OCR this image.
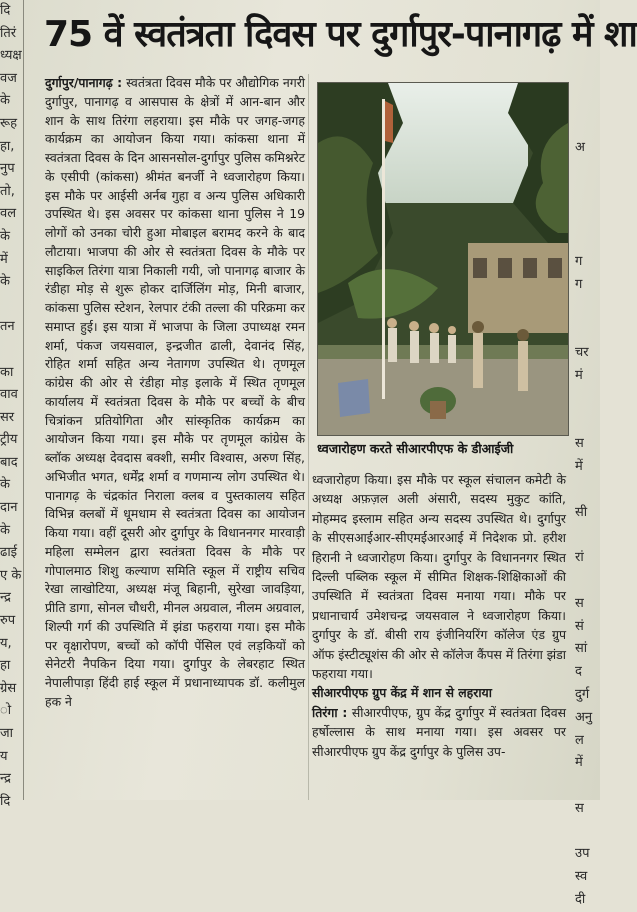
दि
तिरं
ध्यक्ष
वज
के
रूह
हा,
नुप
तो,
वल
के
में
के

तन

का
वाव
सर
ट्रीय
बाद
के
दान
के
ढाई
ए के
न्द्र
रुप
य,
हा
ग्रेस
ो
जा
य
न्द्र
दि
75 वें स्वतंत्रता दिवस पर दुर्गापुर-पानागढ़ में शा

दुर्गापुर/पानागढ़ : स्वतंत्रता दिवस मौके पर औद्योगिक नगरी दुर्गापुर, पानागढ़ व आसपास के क्षेत्रों में आन-बान और शान के साथ तिरंगा लहराया। इस मौके पर जगह-जगह कार्यक्रम का आयोजन किया गया। कांकसा थाना में स्वतंत्रता दिवस के दिन आसनसोल-दुर्गापुर पुलिस कमिश्नरेट के एसीपी (कांकसा) श्रीमंत बनर्जी ने ध्वजारोहण किया। इस मौके पर आईसी अर्नब गुहा व अन्य पुलिस अधिकारी उपस्थित थे। इस अवसर पर कांकसा थाना पुलिस ने 19 लोगों को उनका चोरी हुआ मोबाइल बरामद करने के बाद लौटाया। भाजपा की ओर से स्वतंत्रता दिवस के मौके पर साइकिल तिरंगा यात्रा निकाली गयी, जो पानागढ़ बाजार के रंडीहा मोड़ से शुरू होकर दार्जिलिंग मोड़, मिनी बाजार, कांकसा पुलिस स्टेशन, रेलपार टंकी तल्ला की परिक्रमा कर समाप्त हुई। इस यात्रा में भाजपा के जिला उपाध्यक्ष रमन शर्मा, पंकज जयसवाल, इन्द्रजीत ढाली, देवानंद सिंह, रोहित शर्मा सहित अन्य नेतागण उपस्थित थे। तृणमूल कांग्रेस की ओर से रंडीहा मोड़ इलाके में स्थित तृणमूल कार्यालय में स्वतंत्रता दिवस के मौके पर बच्चों के बीच चित्रांकन प्रतियोगिता और सांस्कृतिक कार्यक्रम का आयोजन किया गया। इस मौके पर तृणमूल कांग्रेस के ब्लॉक अध्यक्ष देवदास बक्शी, समीर विश्वास, अरुण सिंह, अभिजीत भगत, धर्मेंद्र शर्मा व गणमान्य लोग उपस्थित थे। पानागढ़ के चंद्रकांत निराला क्लब व पुस्तकालय सहित विभिन्न क्लबों में धूमधाम से स्वतंत्रता दिवस का आयोजन किया गया। वहीं दूसरी ओर दुर्गापुर के विधाननगर मारवाड़ी महिला सम्मेलन द्वारा स्वतंत्रता दिवस के मौके पर गोपालमाठ शिशु कल्याण समिति स्कूल में राष्ट्रीय सचिव रेखा लाखोटिया, अध्यक्ष मंजू बिहानी, सुरेखा जावड़िया, प्रीति डागा, सोनल चौधरी, मीनल अग्रवाल, नीलम अग्रवाल, शिल्पी गर्ग की उपस्थिति में झंडा फहराया गया। इस मौके पर वृक्षारोपण, बच्चों को कॉपी पेंसिल एवं लड़कियों को सेनेटरी नैपकिन दिया गया। दुर्गापुर के लेबरहाट स्थित नेपालीपाड़ा हिंदी हाई स्कूल में प्रधानाध्यापक डॉ. कलीमुल हक ने

ध्वजारोहण करते सीआरपीएफ के डीआईजी

ध्वजारोहण किया। इस मौके पर स्कूल संचालन कमेटी के अध्यक्ष अफ़ज़ल अली अंसारी, सदस्य मुकुट कांति, मोहम्मद इस्लाम सहित अन्य सदस्य उपस्थित थे। दुर्गापुर के सीएसआईआर-सीएमईआरआई में निदेशक प्रो. हरीश हिरानी ने ध्वजारोहण किया। दुर्गापुर के विधाननगर स्थित दिल्ली पब्लिक स्कूल में सीमित शिक्षक-शिक्षिकाओं की उपस्थिति में स्वतंत्रता दिवस मनाया गया। मौके पर प्रधानाचार्य उमेशचन्द्र जयसवाल ने ध्वजारोहण किया। दुर्गापुर के डॉ. बीसी राय इंजीनियरिंग कॉलेज एंड ग्रुप ऑफ इंस्टीट्यूशंस की ओर से कॉलेज कैंपस में तिरंगा झंडा फहराया गया।

सीआरपीएफ ग्रुप केंद्र में शान से लहराया
तिरंगा : सीआरपीएफ, ग्रुप केंद्र दुर्गापुर में स्वतंत्रता दिवस हर्षोल्लास के साथ मनाया गया। इस अवसर पर सीआरपीएफ ग्रुप केंद्र दुर्गापुर के पुलिस उप-

अ

ग
ग

चर
मं

स
में

सी

रां

स
सं
सां
द
दुर्ग
अनु
ल
में

स

उप
स्व
दी
